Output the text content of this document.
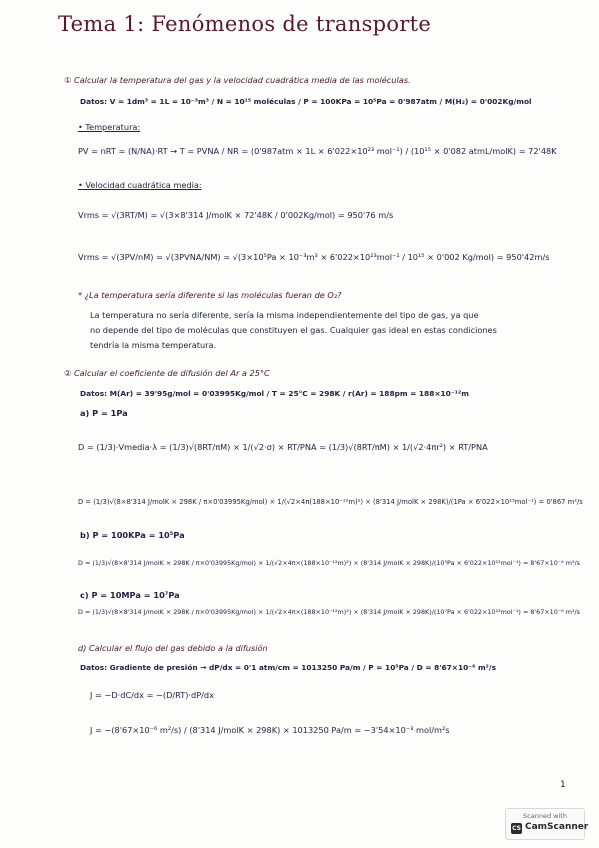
Tema 1: Fenómenos de transporte
① Calcular la temperatura del gas y la velocidad cuadrática media de las moléculas.
Datos: V = 1dm³ = 1L = 10⁻³m³ / N = 10¹⁵ moléculas / P = 100KPa = 10⁵Pa = 0'987atm / M(H₂) = 0'002Kg/mol
• Temperatura:
PV = nRT = (N/NA)·RT → T = PVNA / NR = (0'987atm × 1L × 6'022×10²³ mol⁻¹) / (10¹⁵ × 0'082 atmL/molK) = 72'48K
• Velocidad cuadrática media:
Vrms = √(3RT/M) = √(3×8'314 J/molK × 72'48K / 0'002Kg/mol) = 950'76 m/s
Vrms = √(3PV/nM) = √(3PVNA/NM) = √(3×10⁵Pa × 10⁻³m³ × 6'022×10²³mol⁻¹ / 10¹⁵ × 0'002 Kg/mol) = 950'42m/s
* ¿La temperatura sería diferente si las moléculas fueran de O₂?
La temperatura no sería diferente, sería la misma independientemente del tipo de gas, ya que
no depende del tipo de moléculas que constituyen el gas. Cualquier gas ideal en estas condiciones
tendría la misma temperatura.
② Calcular el coeficiente de difusión del Ar a 25°C
Datos: M(Ar) = 39'95g/mol = 0'03995Kg/mol / T = 25°C = 298K / r(Ar) = 188pm = 188×10⁻¹²m
a) P = 1Pa
D = (1/3)·Vmedia·λ = (1/3)√(8RT/πM) × 1/(√2·σ) × RT/PNA = (1/3)√(8RT/πM) × 1/(√2·4πr²) × RT/PNA
D = (1/3)√(8×8'314 J/molK × 298K / π×0'03995Kg/mol) × 1/(√2×4π(188×10⁻¹²m)²) × (8'314 J/molK × 298K)/(1Pa × 6'022×10²³mol⁻¹) = 0'867 m²/s
b) P = 100KPa = 10⁵Pa
D = (1/3)√(8×8'314 J/molK × 298K / π×0'03995Kg/mol) × 1/(√2×4π×(188×10⁻¹²m)²) × (8'314 J/molK × 298K)/(10⁵Pa × 6'022×10²³mol⁻¹) = 8'67×10⁻⁶ m²/s
c) P = 10MPa = 10⁷Pa
D = (1/3)√(8×8'314 J/molK × 298K / π×0'03995Kg/mol) × 1/(√2×4π×(188×10⁻¹²m)²) × (8'314 J/molK × 298K)/(10⁷Pa × 6'022×10²³mol⁻¹) = 8'67×10⁻⁸ m²/s
d) Calcular el flujo del gas debido a la difusión
Datos: Gradiente de presión → dP/dx = 0'1 atm/cm = 1013250 Pa/m / P = 10⁵Pa / D = 8'67×10⁻⁶ m²/s
J = −D·dC/dx = −(D/RT)·dP/dx
J = −(8'67×10⁻⁶ m²/s) / (8'314 J/molK × 298K) × 1013250 Pa/m = −3'54×10⁻³ mol/m²s
1
Scanned with
CS CamScanner
